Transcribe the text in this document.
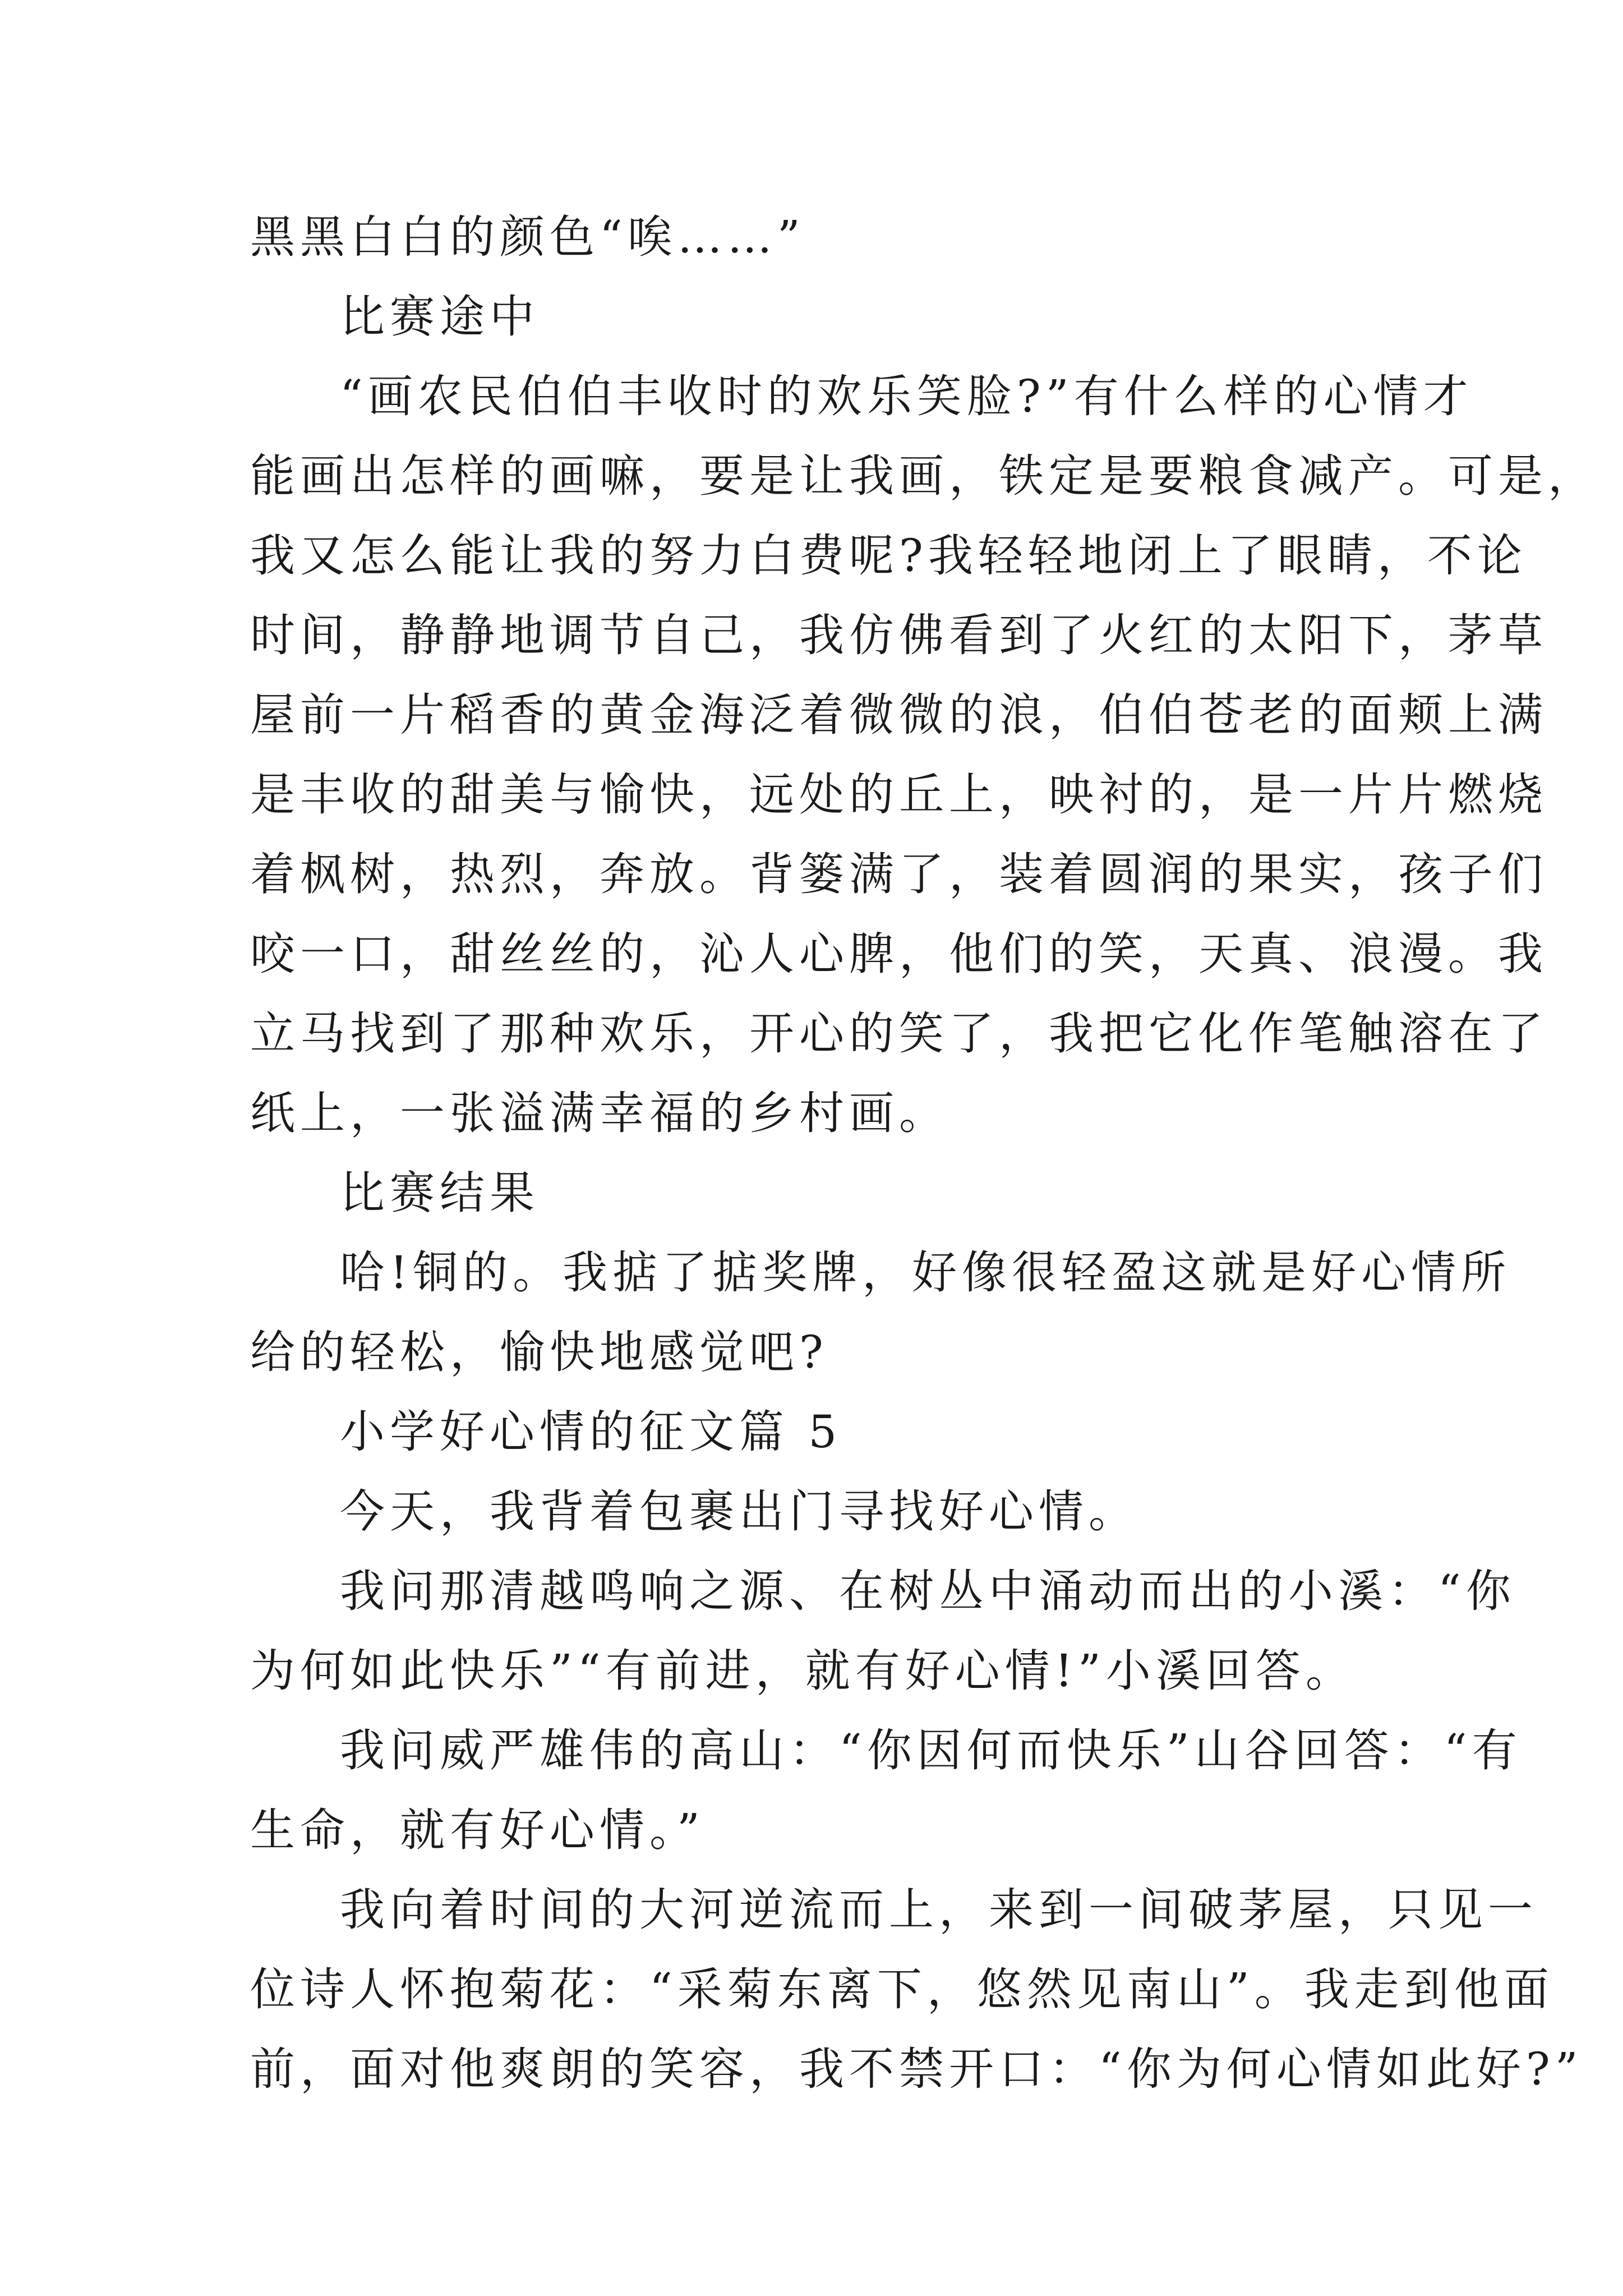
黑黑白白的颜色“唉……”
比赛途中
“画农民伯伯丰收时的欢乐笑脸?”有什么样的心情才
能画出怎样的画嘛，要是让我画，铁定是要粮食减产。可是，
我又怎么能让我的努力白费呢?我轻轻地闭上了眼睛，不论
时间，静静地调节自己，我仿佛看到了火红的太阳下，茅草
屋前一片稻香的黄金海泛着微微的浪，伯伯苍老的面颊上满
是丰收的甜美与愉快，远处的丘上，映衬的，是一片片燃烧
着枫树，热烈，奔放。背篓满了，装着圆润的果实，孩子们
咬一口，甜丝丝的，沁人心脾，他们的笑，天真、浪漫。我
立马找到了那种欢乐，开心的笑了，我把它化作笔触溶在了
纸上，一张溢满幸福的乡村画。
比赛结果
哈!铜的。我掂了掂奖牌，好像很轻盈这就是好心情所
给的轻松，愉快地感觉吧?
小学好心情的征文篇 5
今天，我背着包裹出门寻找好心情。
我问那清越鸣响之源、在树丛中涌动而出的小溪：“你
为何如此快乐”“有前进，就有好心情!”小溪回答。
我问威严雄伟的高山：“你因何而快乐”山谷回答：“有
生命，就有好心情。”
我向着时间的大河逆流而上，来到一间破茅屋，只见一
位诗人怀抱菊花：“采菊东离下，悠然见南山”。我走到他面
前，面对他爽朗的笑容，我不禁开口：“你为何心情如此好?”
